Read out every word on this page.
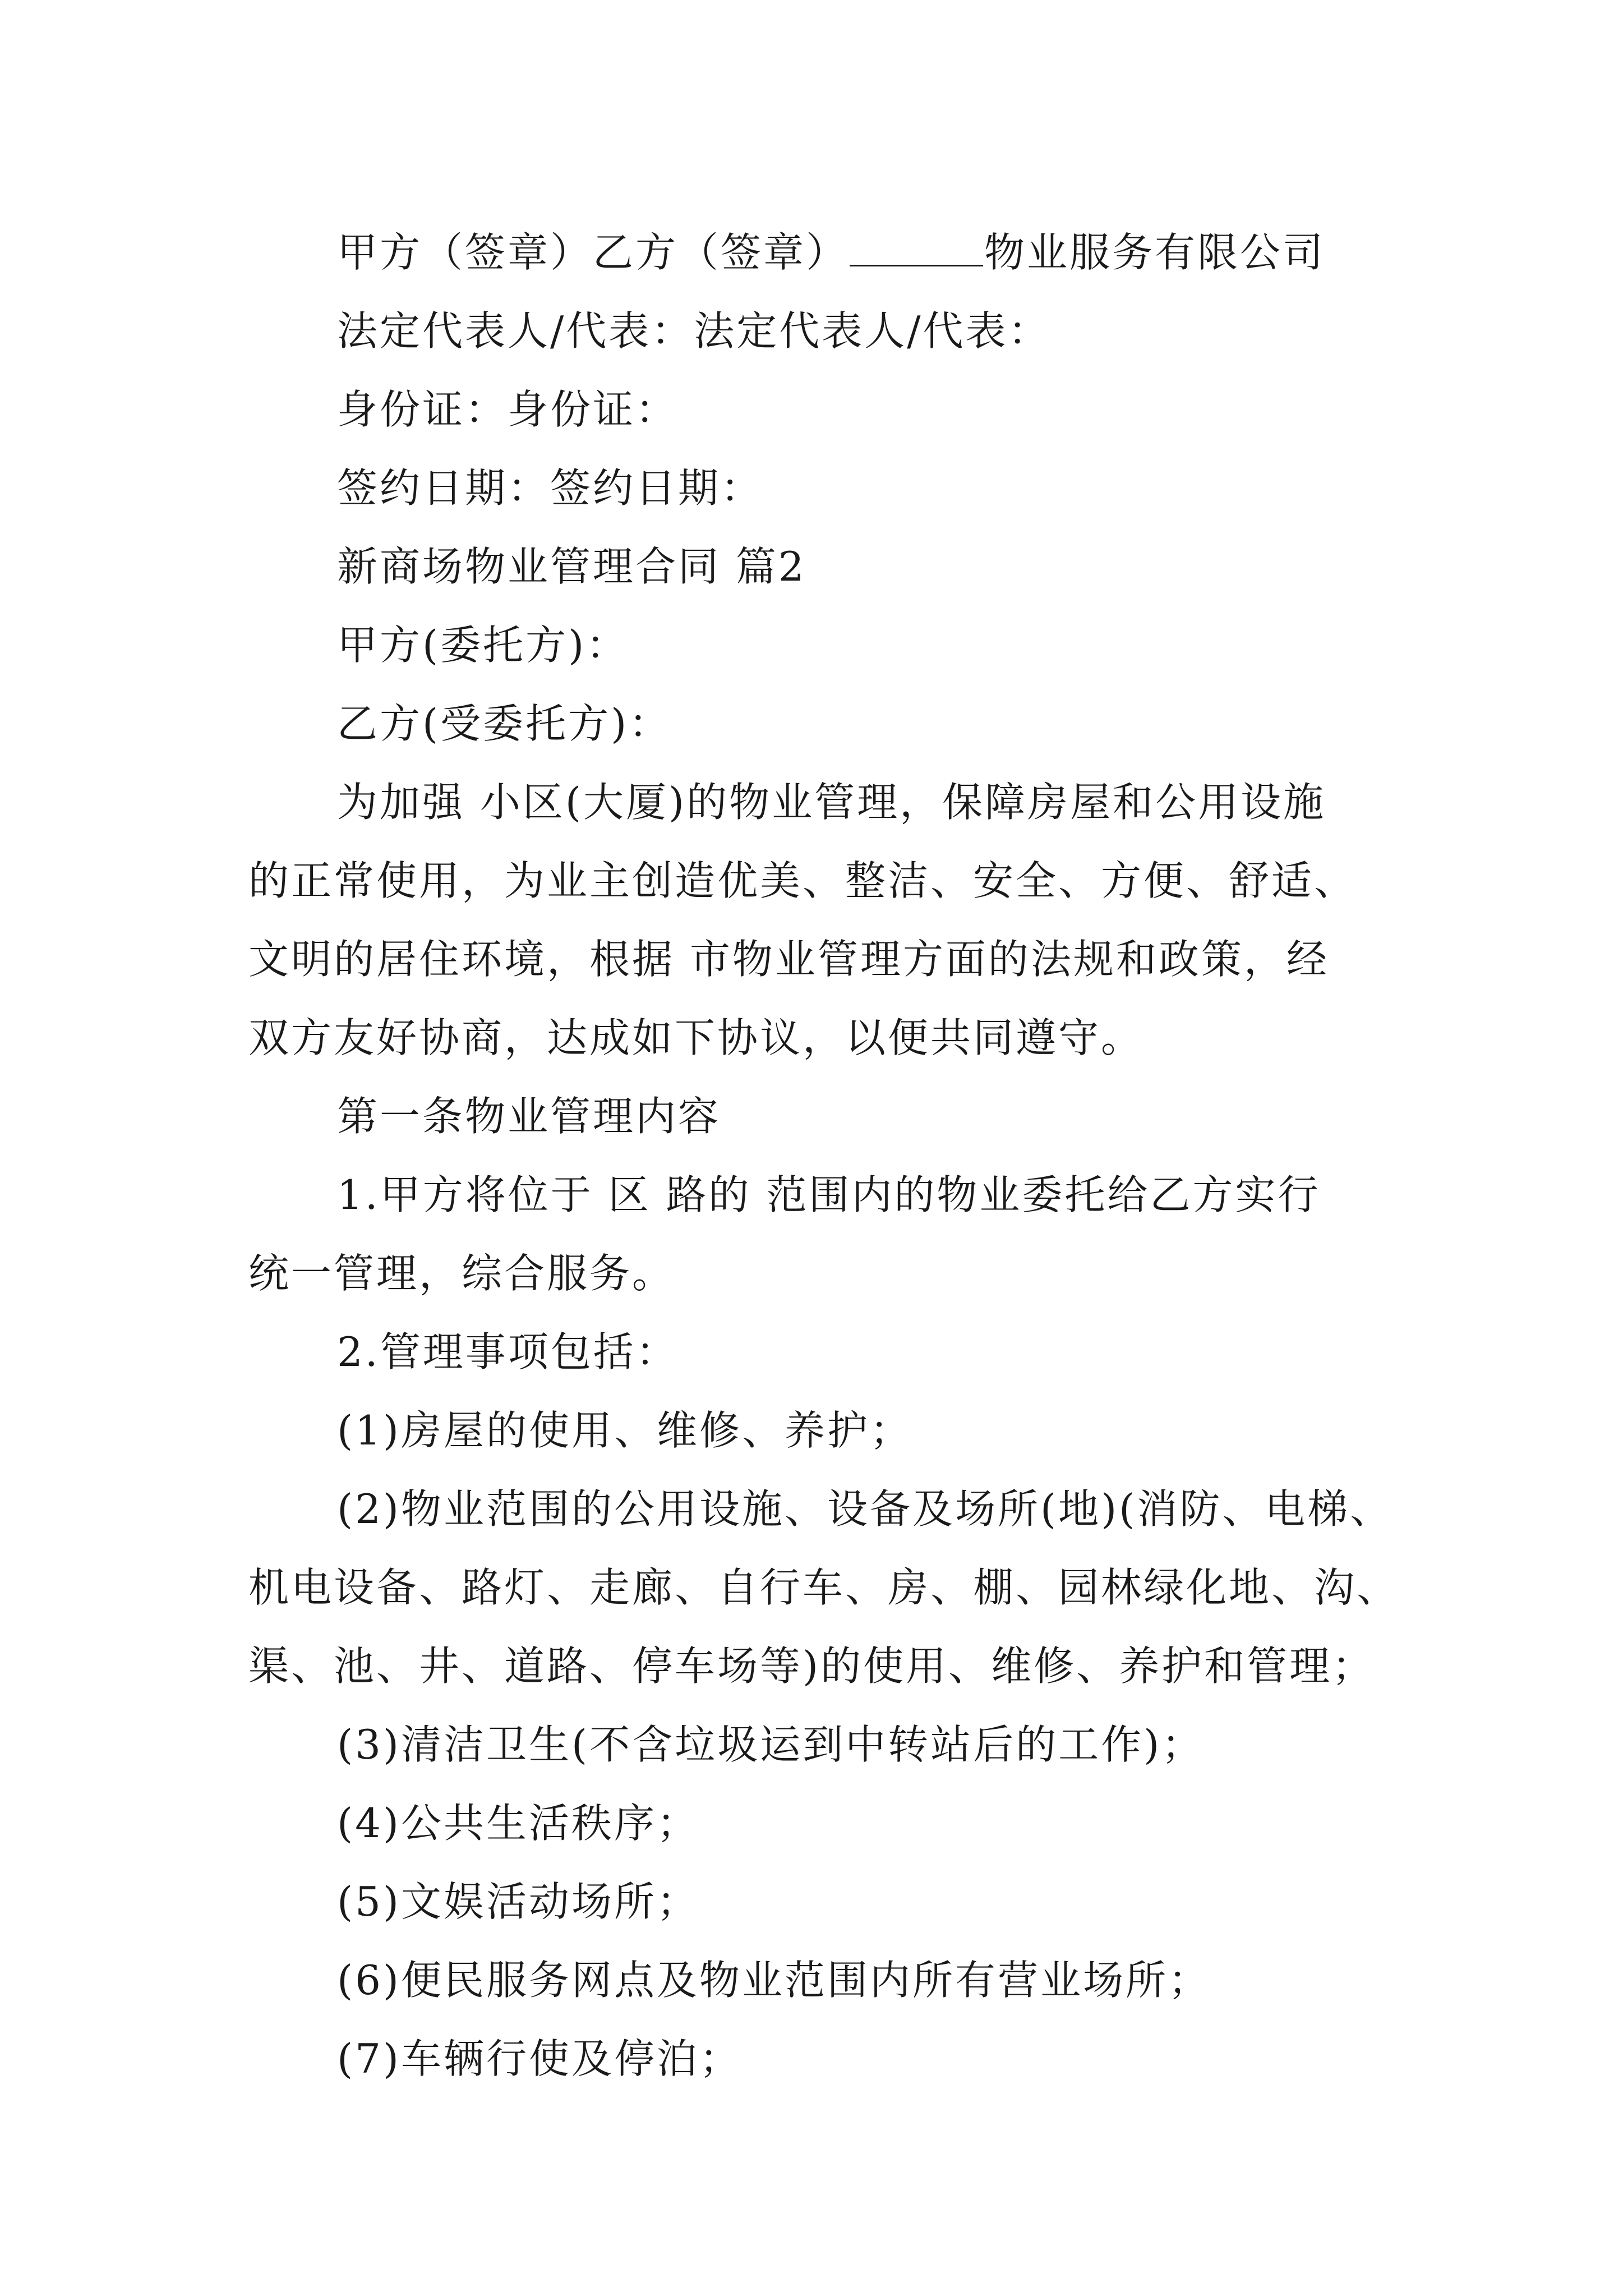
甲方（签章）乙方（签章）	物业服务有限公司
法定代表人/代表：法定代表人/代表：
身份证：身份证：
签约日期：签约日期：
新商场物业管理合同 篇2
甲方(委托方)：
乙方(受委托方)：
为加强 小区(大厦)的物业管理，保障房屋和公用设施
的正常使用，为业主创造优美、整洁、安全、方便、舒适、
文明的居住环境，根据 市物业管理方面的法规和政策，经
双方友好协商，达成如下协议，以便共同遵守。
第一条物业管理内容
1.甲方将位于 区 路的 范围内的物业委托给乙方实行
统一管理，综合服务。
2.管理事项包括：
(1)房屋的使用、维修、养护；
(2)物业范围的公用设施、设备及场所(地)(消防、电梯、
机电设备、路灯、走廊、自行车、房、棚、园林绿化地、沟、
渠、池、井、道路、停车场等)的使用、维修、养护和管理；
(3)清洁卫生(不含垃圾运到中转站后的工作)；
(4)公共生活秩序；
(5)文娱活动场所；
(6)便民服务网点及物业范围内所有营业场所；
(7)车辆行使及停泊；
